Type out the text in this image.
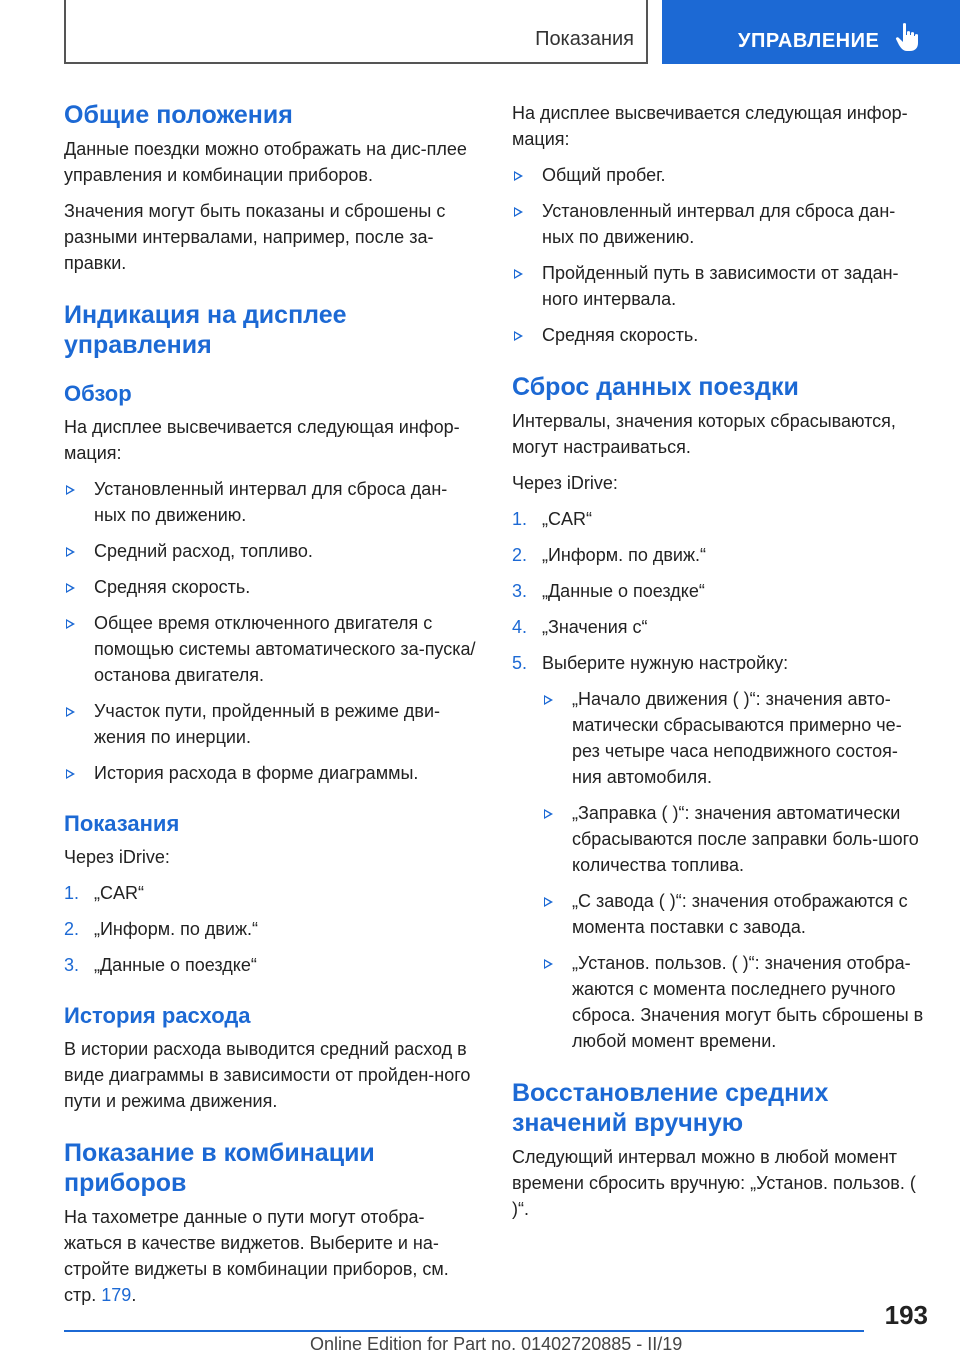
Показания	УПРАВЛЕНИЕ
Общие положения

Данные поездки можно отображать на дис-плее управления и комбинации приборов.

Значения могут быть показаны и сброшены с разными интервалами, например, после за-правки.

Индикация на дисплее управления
Обзор

На дисплее высвечивается следующая инфор-мация:

Установленный интервал для сброса дан-ных по движению.
Средний расход, топливо.
Средняя скорость.
Общее время отключенного двигателя с помощью системы автоматического за-пуска/останова двигателя.
Участок пути, пройденный в режиме дви-жения по инерции.
История расхода в форме диаграммы.
Показания

Через iDrive:

1. „CAR“
2. „Информ. по движ.“
3. „Данные о поездке“
История расхода

В истории расхода выводится средний расход в виде диаграммы в зависимости от пройден-ного пути и режима движения.

Показание в комбинации приборов

На тахометре данные о пути могут отобра-жаться в качестве виджетов. Выберите и на-стройте виджеты в комбинации приборов, см. стр. 179.

На дисплее высвечивается следующая инфор-мация:

Общий пробег.
Установленный интервал для сброса дан-ных по движению.
Пройденный путь в зависимости от задан-ного интервала.
Средняя скорость.
Сброс данных поездки

Интервалы, значения которых сбрасываются, могут настраиваться.

Через iDrive:

1. „CAR“
2. „Информ. по движ.“
3. „Данные о поездке“
4. „Значения с“
5. Выберите нужную настройку:
„Начало движения ( )“: значения авто-матически сбрасываются примерно че-рез четыре часа неподвижного состоя-ния автомобиля.
„Заправка ( )“: значения автоматически сбрасываются после заправки боль-шого количества топлива.
„С завода ( )“: значения отображаются с момента поставки с завода.
„Установ. пользов. ( )“: значения отобра-жаются с момента последнего ручного сброса. Значения могут быть сброшены в любой момент времени.
Восстановление средних значений вручную

Следующий интервал можно в любой момент времени сбросить вручную: „Установ. пользов. ( )“.

193
Online Edition for Part no. 01402720885 - II/19
